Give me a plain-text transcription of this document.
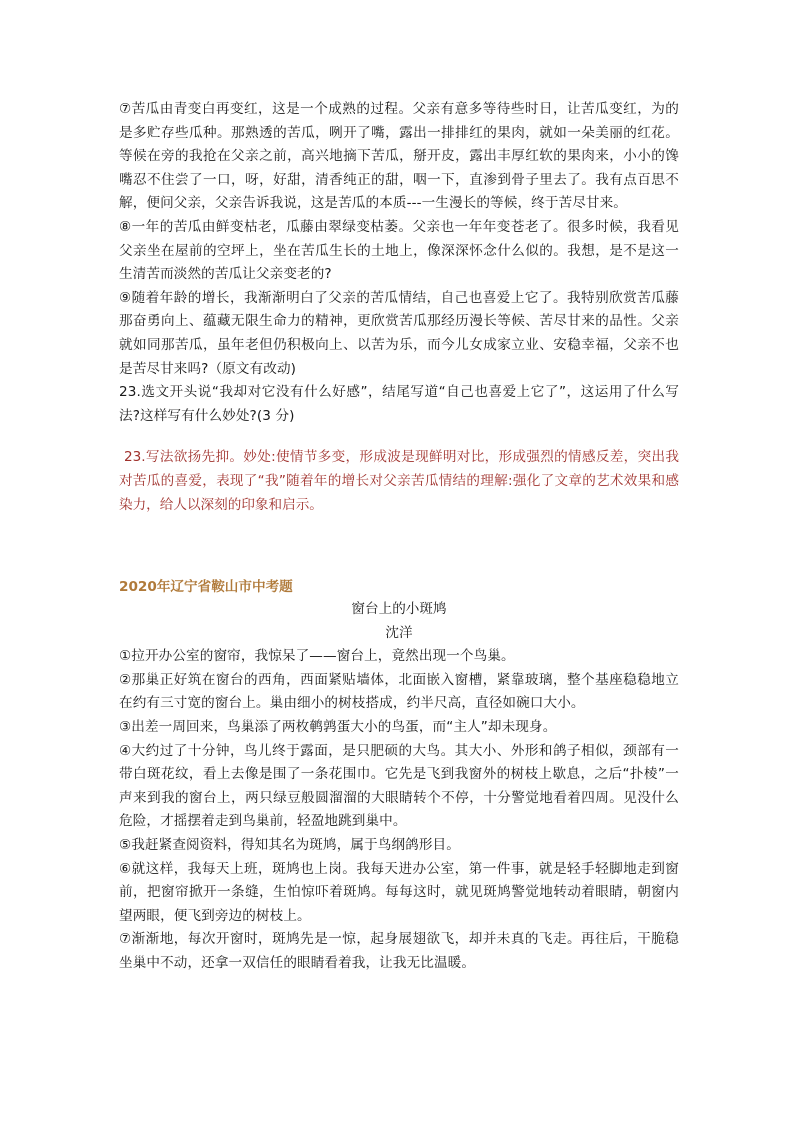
⑦苦瓜由青变白再变红，这是一个成熟的过程。父亲有意多等待些时日，让苦瓜变红，为的是多贮存些瓜种。那熟透的苦瓜，咧开了嘴，露出一排排红的果肉，就如一朵美丽的红花。等候在旁的我抢在父亲之前，高兴地摘下苦瓜，掰开皮，露出丰厚红软的果肉来，小小的馋嘴忍不住尝了一口，呀，好甜，清香纯正的甜，咽一下，直渗到骨子里去了。我有点百思不解，便问父亲，父亲告诉我说，这是苦瓜的本质---一生漫长的等候，终于苦尽甘来。

⑧一年的苦瓜由鲜变枯老，瓜藤由翠绿变枯萎。父亲也一年年变苍老了。很多时候，我看见父亲坐在屋前的空坪上，坐在苦瓜生长的土地上，像深深怀念什么似的。我想，是不是这一生清苦而淡然的苦瓜让父亲变老的?

⑨随着年龄的增长，我渐渐明白了父亲的苦瓜情结，自己也喜爱上它了。我特别欣赏苦瓜藤那奋勇向上、蕴藏无限生命力的精神，更欣赏苦瓜那经历漫长等候、苦尽甘来的品性。父亲就如同那苦瓜，虽年老但仍积极向上、以苦为乐，而今儿女成家立业、安稳幸福，父亲不也是苦尽甘来吗?（原文有改动)

23.选文开头说“我却对它没有什么好感”，结尾写道“自己也喜爱上它了”，这运用了什么写法?这样写有什么妙处?(3 分)

23.写法欲扬先抑。妙处:使情节多变，形成波是现鲜明对比，形成强烈的情感反差，突出我对苦瓜的喜爱，表现了“我”随着年的增长对父亲苦瓜情结的理解:强化了文章的艺术效果和感染力，给人以深刻的印象和启示。

2020年辽宁省鞍山市中考题

窗台上的小斑鸠

沈洋

①拉开办公室的窗帘，我惊呆了——窗台上，竟然出现一个鸟巢。

②那巢正好筑在窗台的西角，西面紧贴墙体，北面嵌入窗槽，紧靠玻璃，整个基座稳稳地立在约有三寸宽的窗台上。巢由细小的树枝搭成，约半尺高，直径如碗口大小。

③出差一周回来，鸟巢添了两枚鹌鹑蛋大小的鸟蛋，而“主人”却未现身。

④大约过了十分钟，鸟儿终于露面，是只肥硕的大鸟。其大小、外形和鸽子相似，颈部有一带白斑花纹，看上去像是围了一条花围巾。它先是飞到我窗外的树枝上歇息，之后“扑棱”一声来到我的窗台上，两只绿豆般圆溜溜的大眼睛转个不停，十分警觉地看着四周。见没什么危险，才摇摆着走到鸟巢前，轻盈地跳到巢中。

⑤我赶紧查阅资料，得知其名为斑鸠，属于鸟纲鸽形目。

⑥就这样，我每天上班，斑鸠也上岗。我每天进办公室，第一件事，就是轻手轻脚地走到窗前，把窗帘掀开一条缝，生怕惊吓着斑鸠。每每这时，就见斑鸠警觉地转动着眼睛，朝窗内望两眼，便飞到旁边的树枝上。

⑦渐渐地，每次开窗时，斑鸠先是一惊，起身展翅欲飞，却并未真的飞走。再往后，干脆稳坐巢中不动，还拿一双信任的眼睛看着我，让我无比温暖。
